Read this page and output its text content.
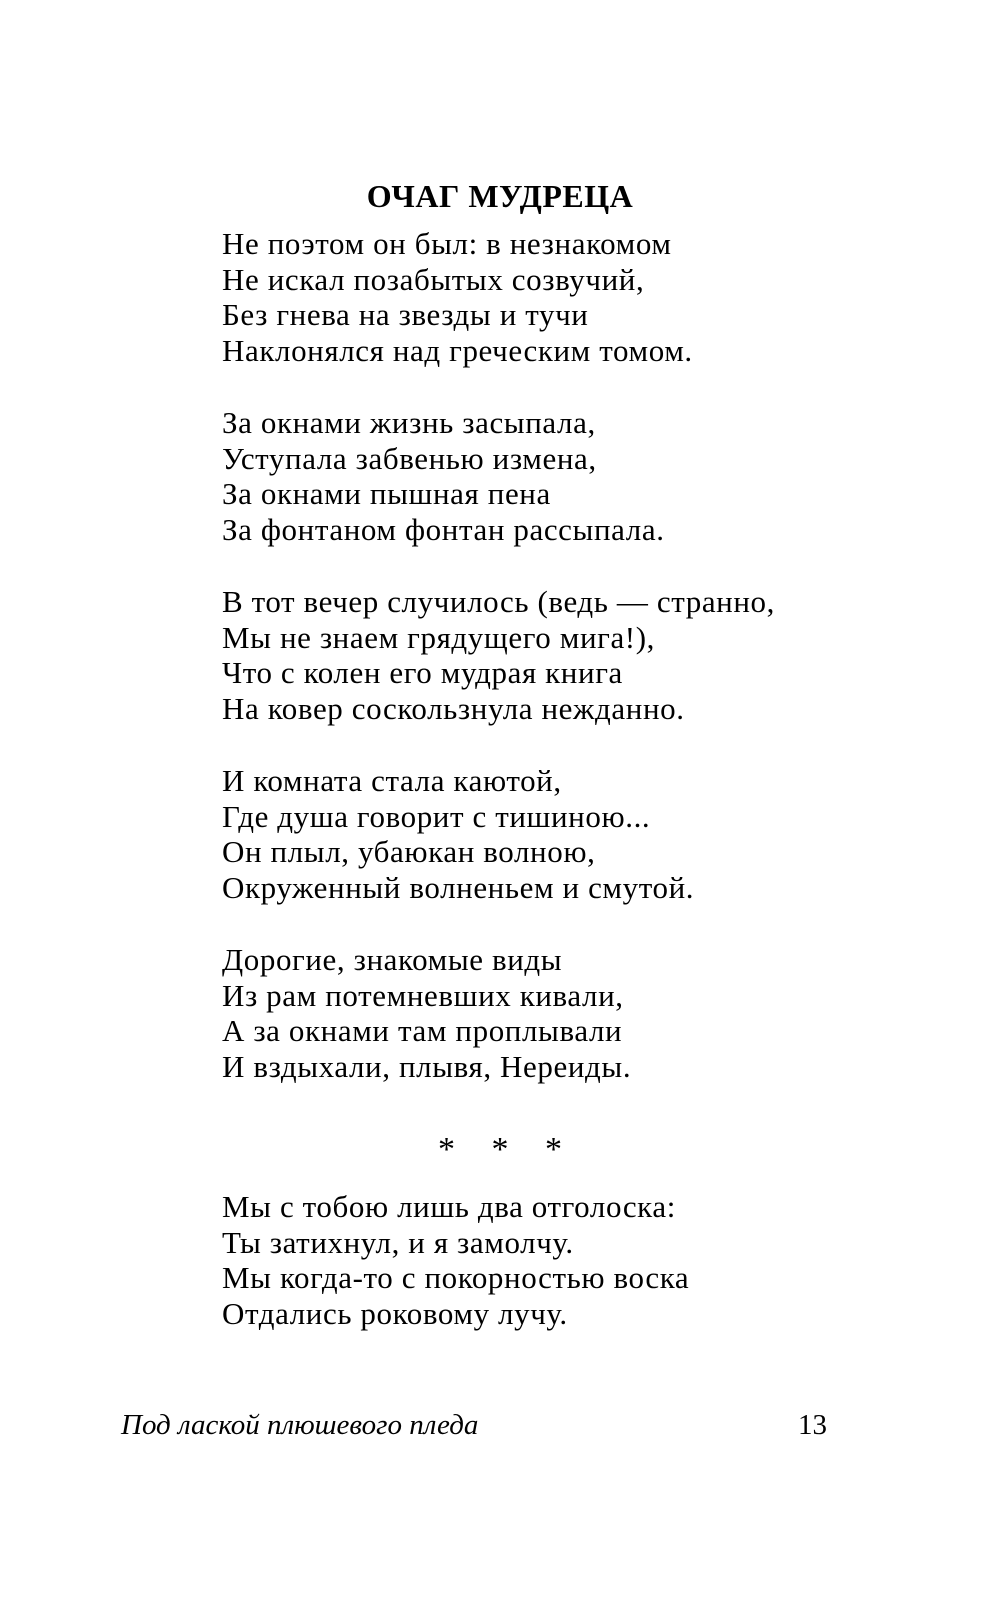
ОЧАГ МУДРЕЦА
Не поэтом он был: в незнакомом
Не искал позабытых созвучий,
Без гнева на звезды и тучи
Наклонялся над греческим томом.
За окнами жизнь засыпала,
Уступала забвенью измена,
За окнами пышная пена
За фонтаном фонтан рассыпала.
В тот вечер случилось (ведь — странно,
Мы не знаем грядущего мига!),
Что с колен его мудрая книга
На ковер соскользнула нежданно.
И комната стала каютой,
Где душа говорит с тишиною...
Он плыл, убаюкан волною,
Окруженный волненьем и смутой.
Дорогие, знакомые виды
Из рам потемневших кивали,
А за окнами там проплывали
И вздыхали, плывя, Нереиды.
* * *
Мы с тобою лишь два отголоска:
Ты затихнул, и я замолчу.
Мы когда-то с покорностью воска
Отдались роковому лучу.
Под лаской плюшевого пледа	13
